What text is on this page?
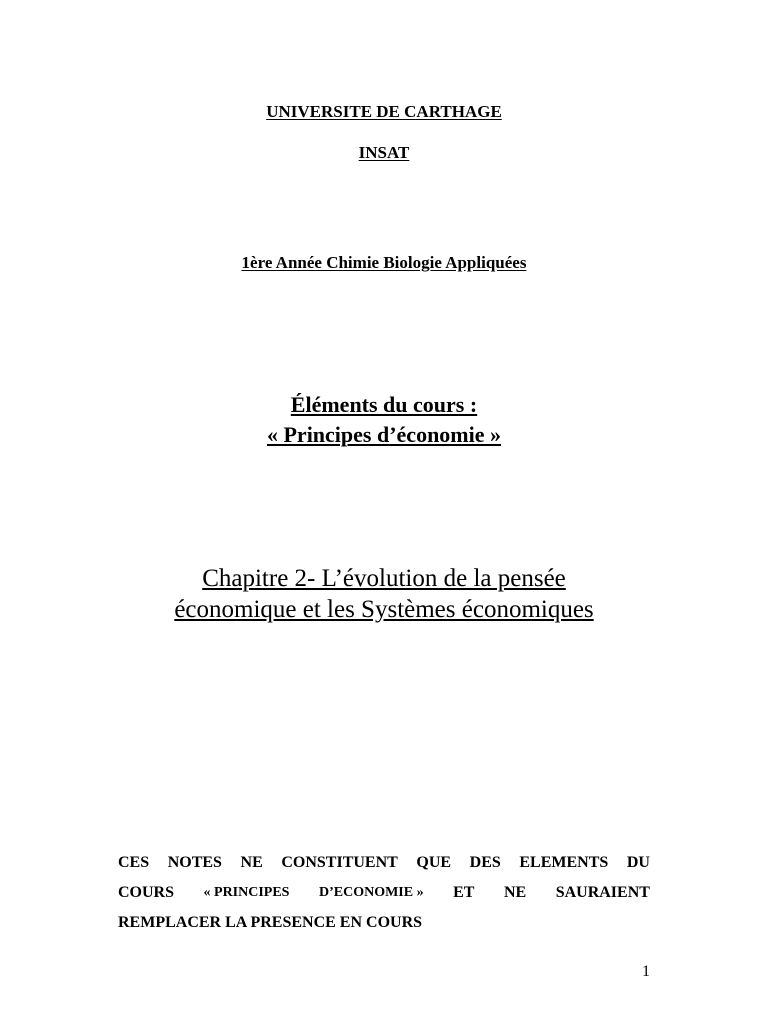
UNIVERSITE DE CARTHAGE
INSAT
1ère Année Chimie Biologie Appliquées
Éléments du cours :
« Principes d’économie »
Chapitre 2- L’évolution de la pensée
économique et les Systèmes économiques
CES NOTES NE CONSTITUENT QUE DES ELEMENTS DU
COURS « PRINCIPES D’ECONOMIE » ET NE SAURAIENT
REMPLACER LA PRESENCE EN COURS
1
